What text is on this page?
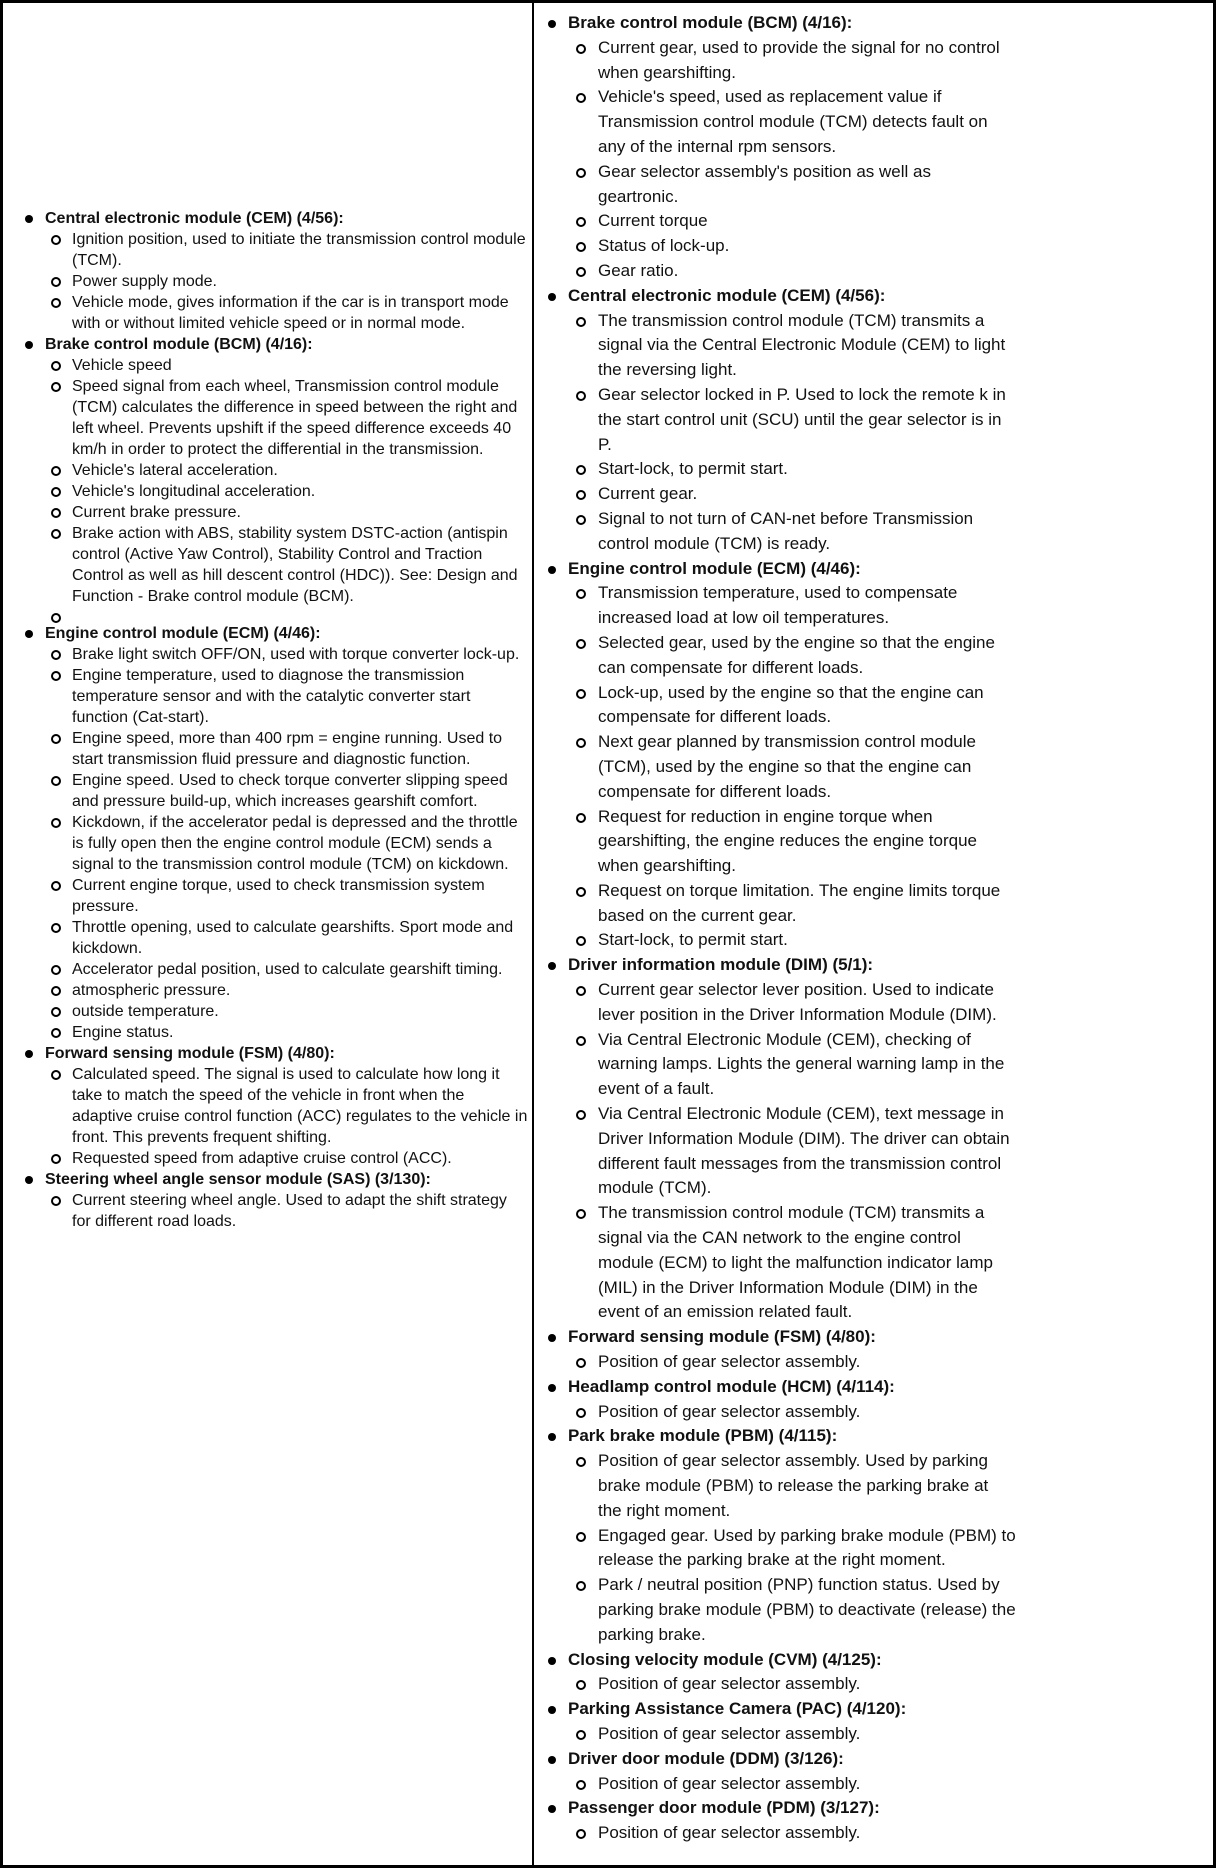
Central electronic module (CEM) (4/56):
Ignition position, used to initiate the transmission control module (TCM).
Power supply mode.
Vehicle mode, gives information if the car is in transport mode with or without limited vehicle speed or in normal mode.
Brake control module (BCM) (4/16):
Vehicle speed
Speed signal from each wheel, Transmission control module (TCM) calculates the difference in speed between the right and left wheel. Prevents upshift if the speed difference exceeds 40 km/h in order to protect the differential in the transmission.
Vehicle's lateral acceleration.
Vehicle's longitudinal acceleration.
Current brake pressure.
Brake action with ABS, stability system DSTC-action (antispin control (Active Yaw Control), Stability Control and Traction Control as well as hill descent control (HDC)). See: Design and Function - Brake control module (BCM).
Engine control module (ECM) (4/46):
Brake light switch OFF/ON, used with torque converter lock-up.
Engine temperature, used to diagnose the transmission temperature sensor and with the catalytic converter start function (Cat-start).
Engine speed, more than 400 rpm = engine running. Used to start transmission fluid pressure and diagnostic function.
Engine speed. Used to check torque converter slipping speed and pressure build-up, which increases gearshift comfort.
Kickdown, if the accelerator pedal is depressed and the throttle is fully open then the engine control module (ECM) sends a signal to the transmission control module (TCM) on kickdown.
Current engine torque, used to check transmission system pressure.
Throttle opening, used to calculate gearshifts. Sport mode and kickdown.
Accelerator pedal position, used to calculate gearshift timing.
atmospheric pressure.
outside temperature.
Engine status.
Forward sensing module (FSM) (4/80):
Calculated speed. The signal is used to calculate how long it take to match the speed of the vehicle in front when the adaptive cruise control function (ACC) regulates to the vehicle in front. This prevents frequent shifting.
Requested speed from adaptive cruise control (ACC).
Steering wheel angle sensor module (SAS) (3/130):
Current steering wheel angle. Used to adapt the shift strategy for different road loads.
Brake control module (BCM) (4/16):
Current gear, used to provide the signal for no control when gearshifting.
Vehicle's speed, used as replacement value if Transmission control module (TCM) detects fault on any of the internal rpm sensors.
Gear selector assembly's position as well as geartronic.
Current torque
Status of lock-up.
Gear ratio.
Central electronic module (CEM) (4/56):
The transmission control module (TCM) transmits a signal via the Central Electronic Module (CEM) to light the reversing light.
Gear selector locked in P. Used to lock the remote k in the start control unit (SCU) until the gear selector is in P.
Start-lock, to permit start.
Current gear.
Signal to not turn of CAN-net before Transmission control module (TCM) is ready.
Engine control module (ECM) (4/46):
Transmission temperature, used to compensate increased load at low oil temperatures.
Selected gear, used by the engine so that the engine can compensate for different loads.
Lock-up, used by the engine so that the engine can compensate for different loads.
Next gear planned by transmission control module (TCM), used by the engine so that the engine can compensate for different loads.
Request for reduction in engine torque when gearshifting, the engine reduces the engine torque when gearshifting.
Request on torque limitation. The engine limits torque based on the current gear.
Start-lock, to permit start.
Driver information module (DIM) (5/1):
Current gear selector lever position. Used to indicate lever position in the Driver Information Module (DIM).
Via Central Electronic Module (CEM), checking of warning lamps. Lights the general warning lamp in the event of a fault.
Via Central Electronic Module (CEM), text message in Driver Information Module (DIM). The driver can obtain different fault messages from the transmission control module (TCM).
The transmission control module (TCM) transmits a signal via the CAN network to the engine control module (ECM) to light the malfunction indicator lamp (MIL) in the Driver Information Module (DIM) in the event of an emission related fault.
Forward sensing module (FSM) (4/80):
Position of gear selector assembly.
Headlamp control module (HCM) (4/114):
Position of gear selector assembly.
Park brake module (PBM) (4/115):
Position of gear selector assembly. Used by parking brake module (PBM) to release the parking brake at the right moment.
Engaged gear. Used by parking brake module (PBM) to release the parking brake at the right moment.
Park / neutral position (PNP) function status. Used by parking brake module (PBM) to deactivate (release) the parking brake.
Closing velocity module (CVM) (4/125):
Position of gear selector assembly.
Parking Assistance Camera (PAC) (4/120):
Position of gear selector assembly.
Driver door module (DDM) (3/126):
Position of gear selector assembly.
Passenger door module (PDM) (3/127):
Position of gear selector assembly.
